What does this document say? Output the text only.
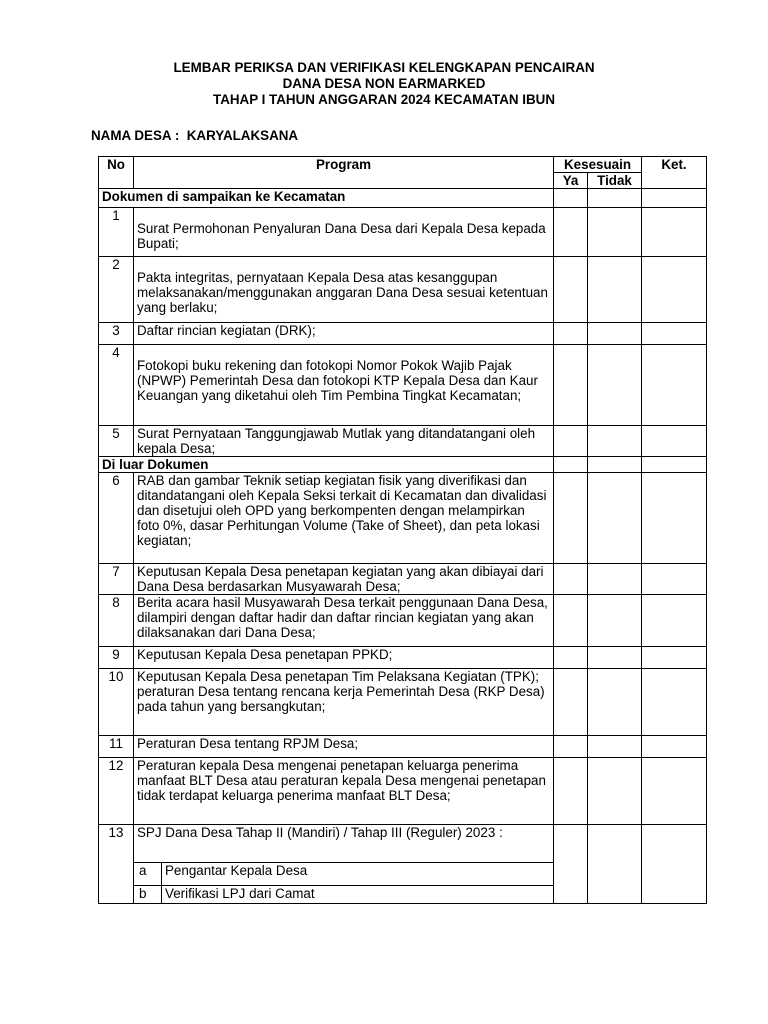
LEMBAR PERIKSA DAN VERIFIKASI KELENGKAPAN PENCAIRAN
DANA DESA NON EARMARKED
TAHAP I TAHUN ANGGARAN 2024 KECAMATAN IBUN
NAMA DESA : KARYALAKSANA
No	Program		Kesesuain		Ket.
			Ya	Tidak	
Dokumen di sampaikan ke Kecamatan					
1	Surat Permohonan Penyaluran Dana Desa dari Kepala Desa kepada Bupati;				
2	Pakta integritas, pernyataan Kepala Desa atas kesanggupan melaksanakan/menggunakan anggaran Dana Desa sesuai ketentuan yang berlaku;				
3	Daftar rincian kegiatan (DRK);				
4	Fotokopi buku rekening dan fotokopi Nomor Pokok Wajib Pajak (NPWP) Pemerintah Desa dan fotokopi KTP Kepala Desa dan Kaur Keuangan yang diketahui oleh Tim Pembina Tingkat Kecamatan;				
5	Surat Pernyataan Tanggungjawab Mutlak yang ditandatangani oleh kepala Desa;				
Di luar Dokumen					
6	RAB dan gambar Teknik setiap kegiatan fisik yang diverifikasi dan ditandatangani oleh Kepala Seksi terkait di Kecamatan dan divalidasi dan disetujui oleh OPD yang berkompenten dengan melampirkan foto 0%, dasar Perhitungan Volume (Take of Sheet), dan peta lokasi kegiatan;				
7	Keputusan Kepala Desa penetapan kegiatan yang akan dibiayai dari Dana Desa berdasarkan Musyawarah Desa;				
8	Berita acara hasil Musyawarah Desa terkait penggunaan Dana Desa, dilampiri dengan daftar hadir dan daftar rincian kegiatan yang akan dilaksanakan dari Dana Desa;				
9	Keputusan Kepala Desa penetapan PPKD;				
10	Keputusan Kepala Desa penetapan Tim Pelaksana Kegiatan (TPK);
peraturan Desa tentang rencana kerja Pemerintah Desa (RKP Desa) pada tahun yang bersangkutan;				

11	Peraturan Desa tentang RPJM Desa;				
12	Peraturan kepala Desa mengenai penetapan keluarga penerima manfaat BLT Desa atau peraturan kepala Desa mengenai penetapan tidak terdapat keluarga penerima manfaat BLT Desa;				
13	SPJ Dana Desa Tahap II (Mandiri) / Tahap III (Reguler) 2023 :				
	a	Pengantar Kepala Desa			
	b	Verifikasi LPJ dari Camat			
